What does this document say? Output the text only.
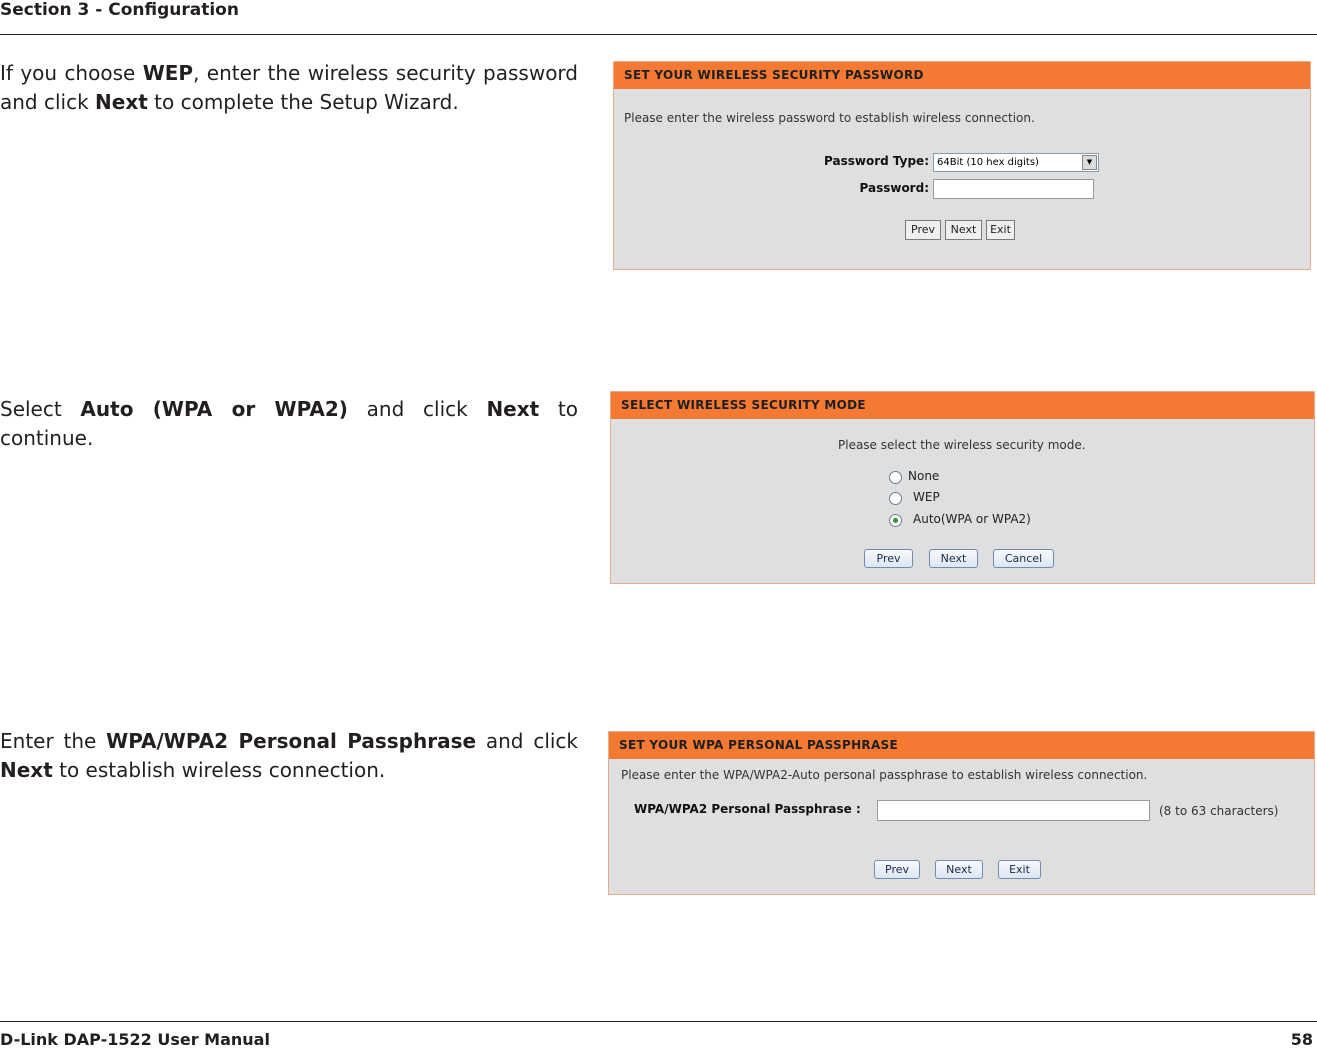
Section 3 - Configuration
If you choose WEP, enter the wireless security password and click Next to complete the Setup Wizard.
SET YOUR WIRELESS SECURITY PASSWORD
Please enter the wireless password to establish wireless connection.
Password Type: 64Bit (10 hex digits)	▼
Password:
Prev	Next	Exit
Select Auto (WPA or WPA2) and click Next to continue.
SELECT WIRELESS SECURITY MODE
Please select the wireless security mode.
None
WEP
Auto(WPA or WPA2)
Prev	Next	Cancel
Enter the WPA/WPA2 Personal Passphrase and click Next to establish wireless connection.
SET YOUR WPA PERSONAL PASSPHRASE
Please enter the WPA/WPA2-Auto personal passphrase to establish wireless connection.
WPA/WPA2 Personal Passphrase :	(8 to 63 characters)
Prev	Next	Exit
D-Link DAP-1522 User Manual	58
